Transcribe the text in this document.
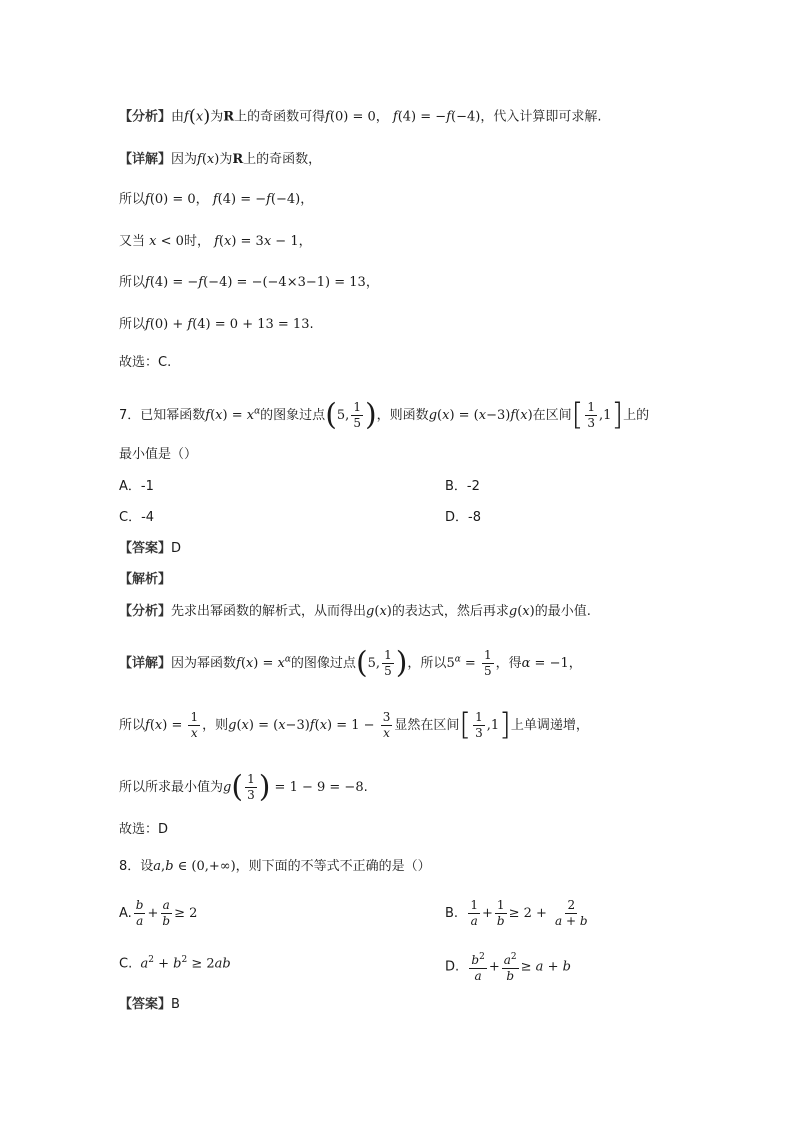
【分析】由f(x)为R上的奇函数可得f(0) = 0， f(4) = −f(−4)，代入计算即可求解.
【详解】因为f(x)为R上的奇函数，
所以f(0) = 0， f(4) = −f(−4)，
又当 x < 0时， f(x) = 3x − 1，
所以f(4) = −f(−4) = −(−4×3−1) = 13，
所以f(0) + f(4) = 0 + 13 = 13.
故选：C.
7．已知幂函数$f(x) = x^\alpha$的图象过点(5, $\frac{1}{5}$ )，则函数g(x) = (x−3)f(x)在区间[ $\frac{1}{3} ,1$]上的
最小值是（）
A．-1	B．-2
C．-4	D．-8
【答案】D
【解析】
【分析】先求出幂函数的解析式，从而得出g(x)的表达式，然后再求g(x)的最小值.
【详解】因为幂函数$f(x) = x^\alpha$的图像过点(5, $\frac{1}{5}$ )，所以$5^\alpha = \frac{1}{5}$ ，得α = −1，
所以$f(x) = \frac{1}{x}$ ，则$g(x) = (x-3)f(x) = 1 - \frac{3}{x}$ 显然在区间[ $\frac{1}{3} ,1$]上单调递增，
所以所求最小值为$g( \frac{1}{3}$ ) = 1 − 9 = −8.
故选：D
8．设a,b ∈ (0,+∞)，则下面的不等式不正确的是（）
A. $\frac{b}{a} + \frac{a}{b} \ge 2$	B. $\frac{1}{a} + \frac{1}{b} \ge 2 + \frac{2}{a + b}$
C. $a^2 + b^2 \ge 2ab$	D. $\frac{b^2}{a} + \frac{a^2}{b} \ge a + b$
【答案】B
